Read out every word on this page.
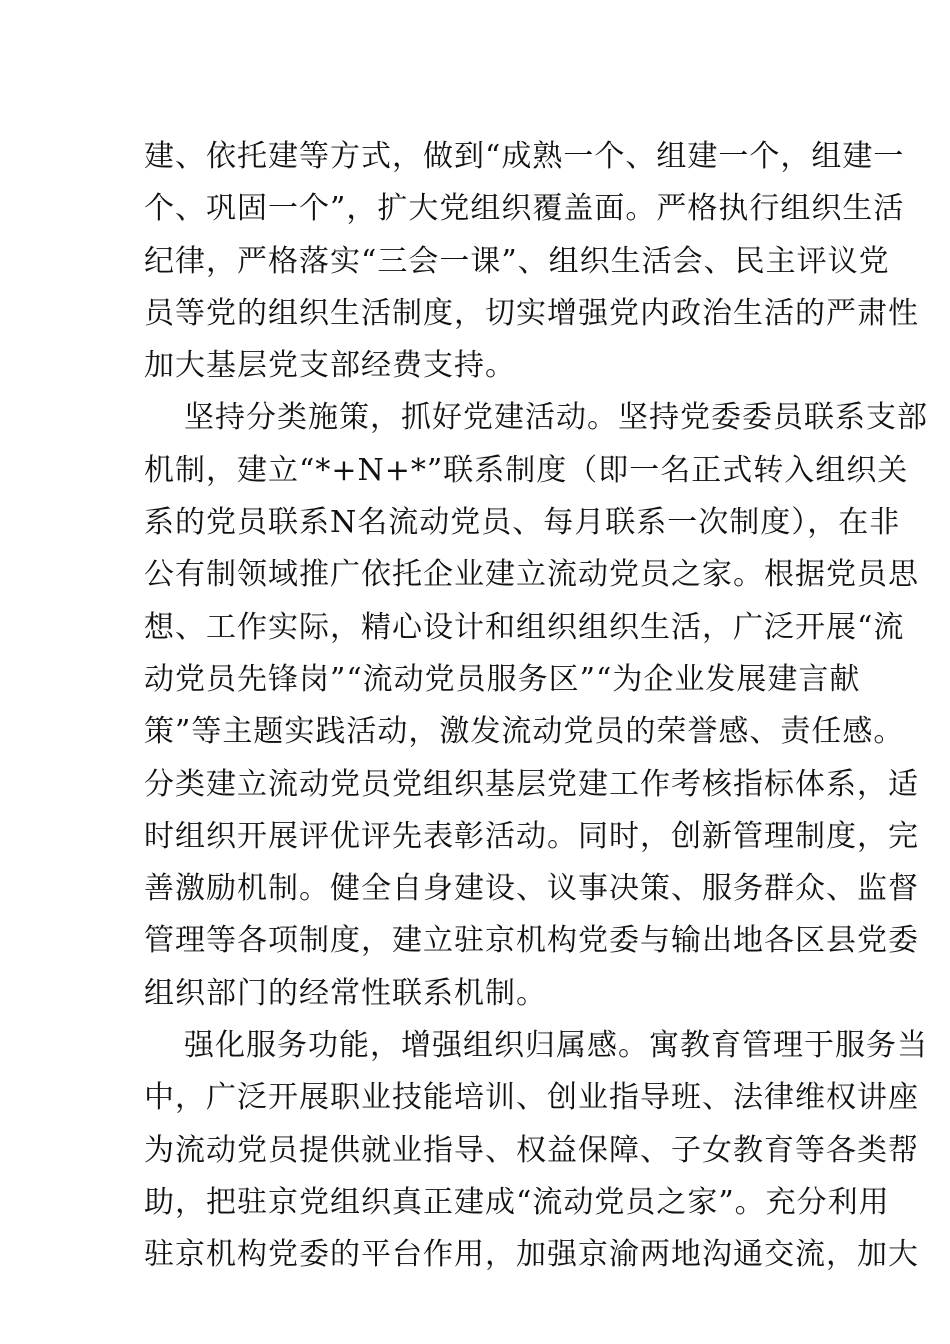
建、依托建等方式，做到“成熟一个、组建一个，组建一
个、巩固一个”，扩大党组织覆盖面。严格执行组织生活
纪律，严格落实“三会一课”、组织生活会、民主评议党
员等党的组织生活制度，切实增强党内政治生活的严肃性
加大基层党支部经费支持。
坚持分类施策，抓好党建活动。坚持党委委员联系支部
机制，建立“*+N+*”联系制度（即一名正式转入组织关
系的党员联系N名流动党员、每月联系一次制度），在非
公有制领域推广依托企业建立流动党员之家。根据党员思
想、工作实际，精心设计和组织组织生活，广泛开展“流
动党员先锋岗”“流动党员服务区”“为企业发展建言献
策”等主题实践活动，激发流动党员的荣誉感、责任感。
分类建立流动党员党组织基层党建工作考核指标体系，适
时组织开展评优评先表彰活动。同时，创新管理制度，完
善激励机制。健全自身建设、议事决策、服务群众、监督
管理等各项制度，建立驻京机构党委与输出地各区县党委
组织部门的经常性联系机制。
强化服务功能，增强组织归属感。寓教育管理于服务当
中，广泛开展职业技能培训、创业指导班、法律维权讲座
为流动党员提供就业指导、权益保障、子女教育等各类帮
助，把驻京党组织真正建成“流动党员之家”。充分利用
驻京机构党委的平台作用，加强京渝两地沟通交流，加大
